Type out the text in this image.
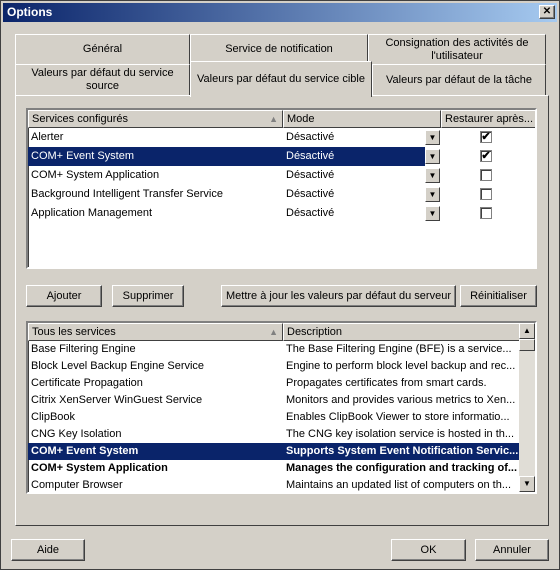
Options	✕
Général	Service de notification
Consignation des activités de l'utilisateur
Valeurs par défaut du service source
Valeurs par défaut du service cible Valeurs par défaut de la tâche
Services configurés	▲ Mode	Restaurer après...
Alerter	Désactivé	▼	✔
COM+ Event System	Désactivé	▼	✔
COM+ System Application	Désactivé	▼
Background Intelligent Transfer Service	Désactivé	▼
Application Management	Désactivé	▼
Ajouter	Supprimer	Mettre à jour les valeurs par défaut du serveur	Réinitialiser
Tous les services	▲ Description
Base Filtering Engine	The Base Filtering Engine (BFE) is a service...
Block Level Backup Engine Service	Engine to perform block level backup and rec...
Certificate Propagation	Propagates certificates from smart cards.
Citrix XenServer WinGuest Service	Monitors and provides various metrics to Xen...
ClipBook	Enables ClipBook Viewer to store informatio...
CNG Key Isolation	The CNG key isolation service is hosted in th...
COM+ Event System	Supports System Event Notification Servic...
COM+ System Application	Manages the configuration and tracking of...
Computer Browser	Maintains an updated list of computers on th...
▲
▼
Aide	OK	Annuler
